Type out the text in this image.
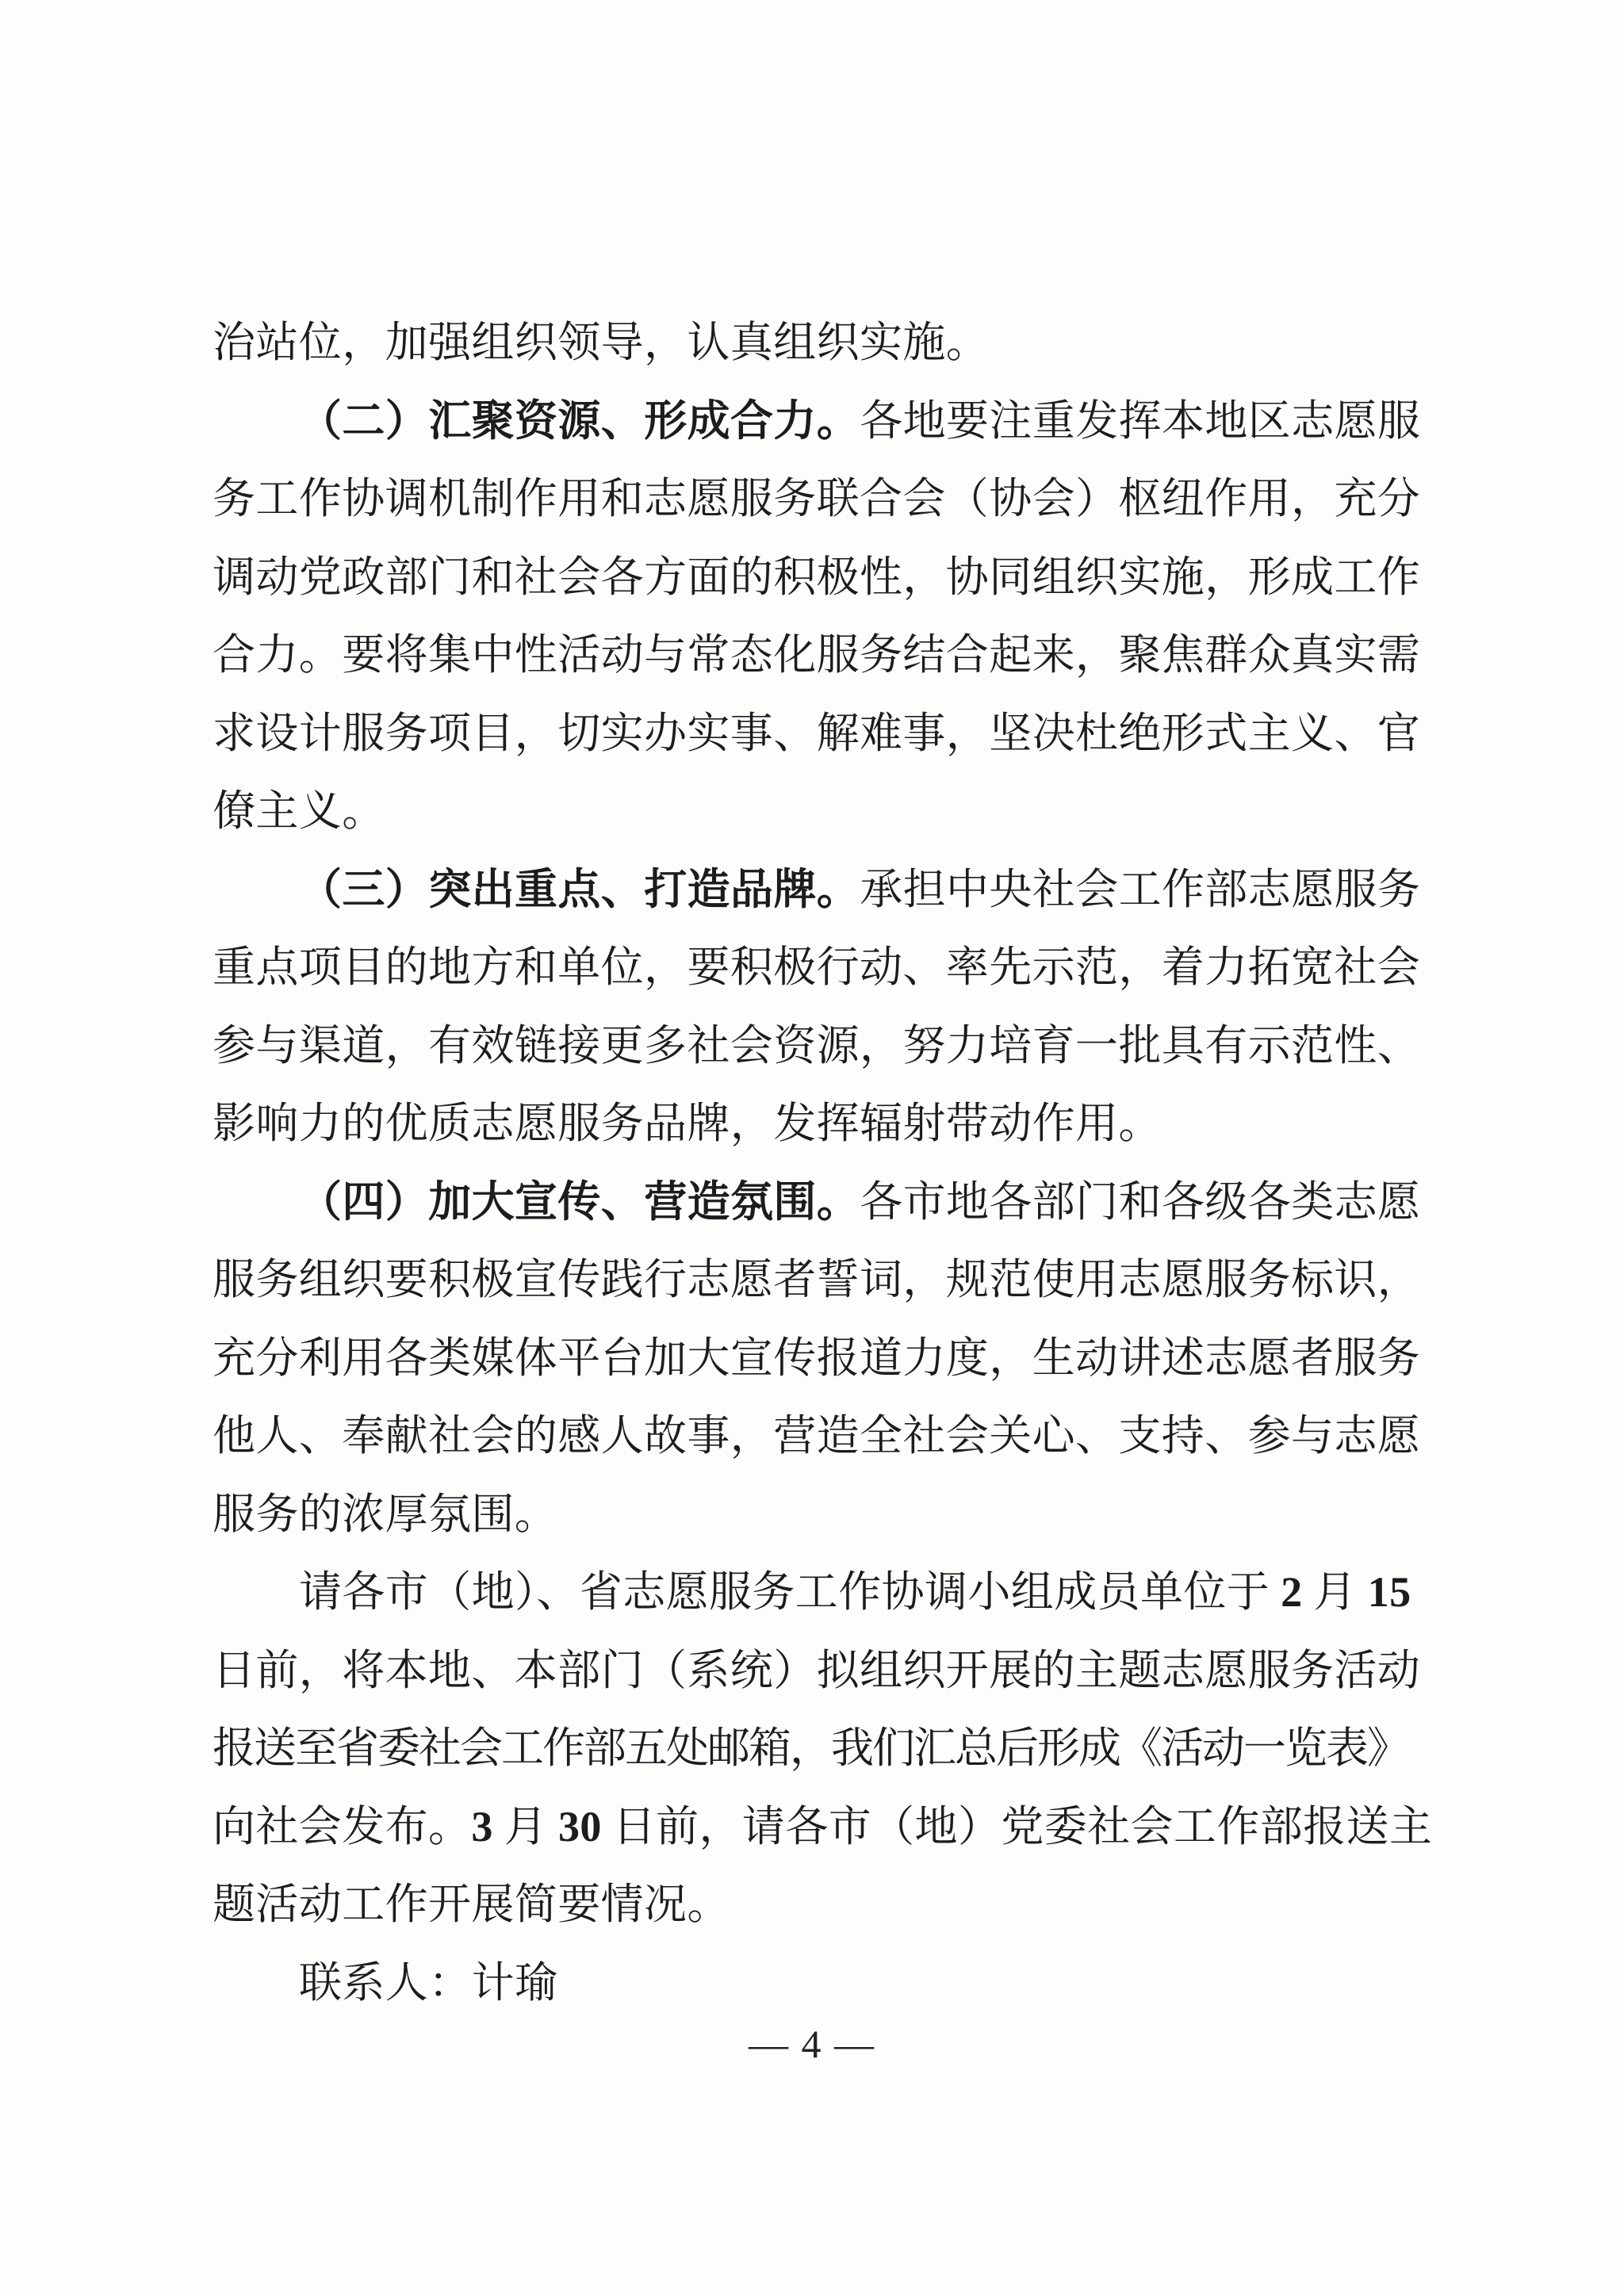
治站位，加强组织领导，认真组织实施。
（二）汇聚资源、形成合力。各地要注重发挥本地区志愿服
务工作协调机制作用和志愿服务联合会（协会）枢纽作用，充分
调动党政部门和社会各方面的积极性，协同组织实施，形成工作
合力。要将集中性活动与常态化服务结合起来，聚焦群众真实需
求设计服务项目，切实办实事、解难事，坚决杜绝形式主义、官
僚主义。
（三）突出重点、打造品牌。承担中央社会工作部志愿服务
重点项目的地方和单位，要积极行动、率先示范，着力拓宽社会
参与渠道，有效链接更多社会资源，努力培育一批具有示范性、
影响力的优质志愿服务品牌，发挥辐射带动作用。
（四）加大宣传、营造氛围。各市地各部门和各级各类志愿
服务组织要积极宣传践行志愿者誓词，规范使用志愿服务标识，
充分利用各类媒体平台加大宣传报道力度，生动讲述志愿者服务
他人、奉献社会的感人故事，营造全社会关心、支持、参与志愿
服务的浓厚氛围。
请各市（地）、省志愿服务工作协调小组成员单位于 2 月 15
日前，将本地、本部门（系统）拟组织开展的主题志愿服务活动
报送至省委社会工作部五处邮箱，我们汇总后形成《活动一览表》
向社会发布。3 月 30 日前，请各市（地）党委社会工作部报送主
题活动工作开展简要情况。
联系人：计瑜
— 4 —
